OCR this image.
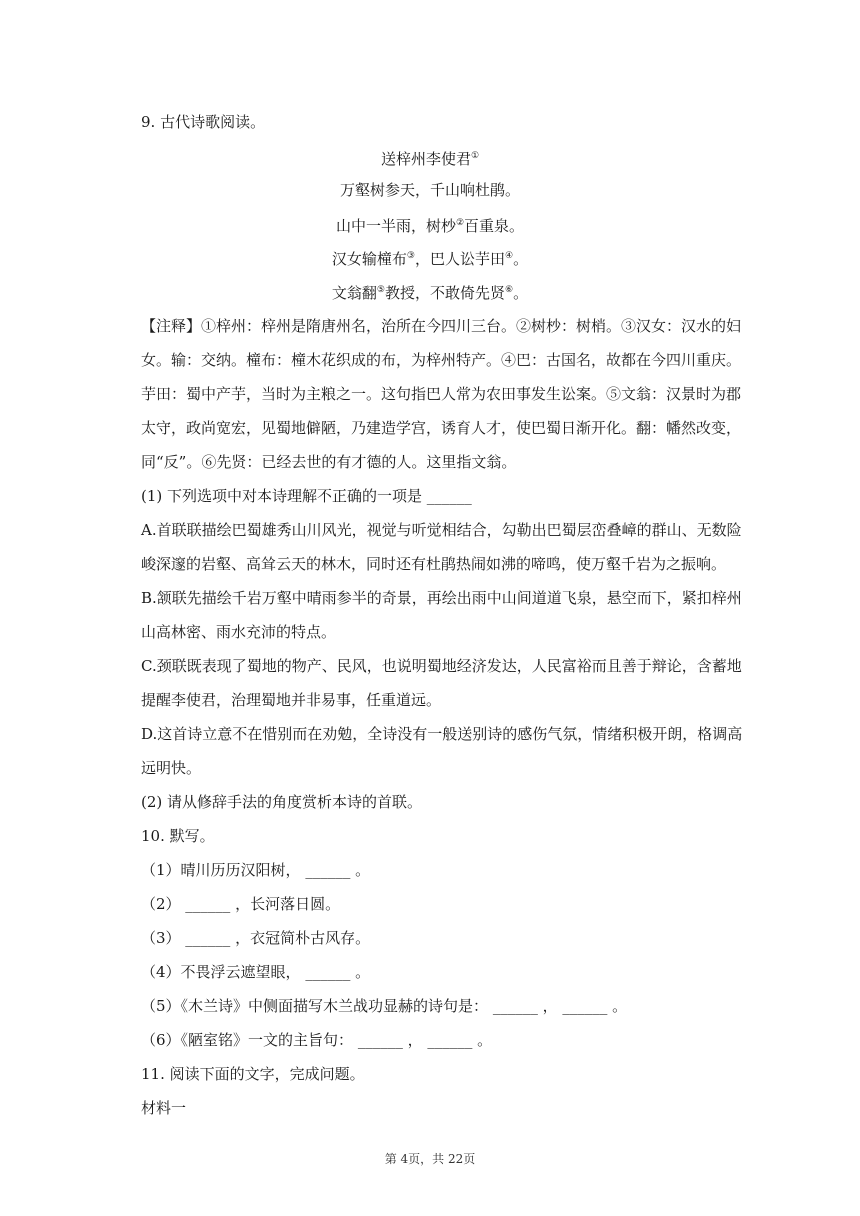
9. 古代诗歌阅读。
送梓州李使君①
万壑树参天，千山响杜鹃。
山中一半雨，树杪②百重泉。
汉女输橦布③，巴人讼芋田④。
文翁翻⑤教授，不敢倚先贤⑥。
【注释】①梓州：梓州是隋唐州名，治所在今四川三台。②树杪：树梢。③汉女：汉水的妇
女。输：交纳。橦布：橦木花织成的布，为梓州特产。④巴：古国名，故都在今四川重庆。
芋田：蜀中产芋，当时为主粮之一。这句指巴人常为农田事发生讼案。⑤文翁：汉景时为郡
太守，政尚宽宏，见蜀地僻陋，乃建造学宫，诱育人才，使巴蜀日渐开化。翻：幡然改变，
同“反”。⑥先贤：已经去世的有才德的人。这里指文翁。
(1) 下列选项中对本诗理解不正确的一项是 ______
A.首联联描绘巴蜀雄秀山川风光，视觉与听觉相结合，勾勒出巴蜀层峦叠嶂的群山、无数险
峻深邃的岩壑、高耸云天的林木，同时还有杜鹃热闹如沸的啼鸣，使万壑千岩为之振响。
B.颔联先描绘千岩万壑中晴雨参半的奇景，再绘出雨中山间道道飞泉，悬空而下，紧扣梓州
山高林密、雨水充沛的特点。
C.颈联既表现了蜀地的物产、民风，也说明蜀地经济发达，人民富裕而且善于辩论，含蓄地
提醒李使君，治理蜀地并非易事，任重道远。
D.这首诗立意不在惜别而在劝勉，全诗没有一般送别诗的感伤气氛，情绪积极开朗，格调高
远明快。
(2) 请从修辞手法的角度赏析本诗的首联。
10. 默写。
（1）晴川历历汉阳树， ______ 。
（2） ______ ，长河落日圆。
（3） ______ ，衣冠简朴古风存。
（4）不畏浮云遮望眼， ______ 。
（5）《木兰诗》中侧面描写木兰战功显赫的诗句是： ______ ， ______ 。
（6）《陋室铭》一文的主旨句： ______ ， ______ 。
11. 阅读下面的文字，完成问题。
材料一
第 4页，共 22页
